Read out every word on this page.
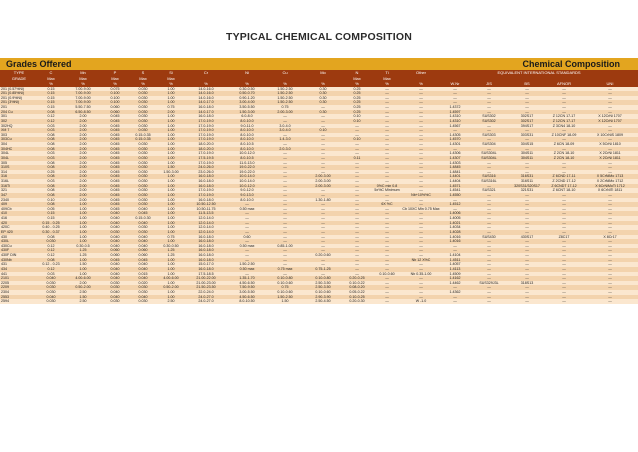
TYPICAL CHEMICAL COMPOSITION
Grades Offered	Chemical Composition
TYPE	C	Mn	P	S	Si	Cr	Ni	Cu	Mo	N	Ti	Other	EQUIVALENT INTERNATIONAL STANDARDS				
GRADE	Max	Max	Max	Max	Max					Max	Max						
	%	%	%	%	%	%	%	%	%	%	%	%	W.Nr	JIS	BS	AFNOR	UNI
201 (0.57%Ni)	0.15	7.00-9.00	0.075	0.030	1.00	14.0-16.0	0.30-0.50	1.50-2.50	0.30	0.25	—	—	—	—	—	—	—
201 (0.85%Ni)	0.15	7.00-9.00	0.100	0.030	1.00	14.0-16.0	0.50-0.70	1.50-2.50	0.30	0.25	—	—	—	—	—	—	—
201 (0.9%Ni)	0.15	7.00-9.00	0.100	0.030	1.00	14.0-16.0	0.90-1.20	1.50-2.50	0.30	0.25	—	—	—	—	—	—	—
201 (3%Ni)	0.15	7.00-9.00	0.100	0.030	1.00	14.0-17.0	3.00-4.00	1.50-2.50	0.30	0.25	—	—	—	—	—	—	—
201	0.15	5.50-7.50	0.060	0.030	0.75	16.0-18.0	3.50-5.50	0.75	—	0.25	—	—	1.4372	—	—	—	—
204 Cu	0.08	6.50-8.50	0.060	0.030	2.00	14.0-17.0	1.50-3.00	2.00-3.00	0.30	0.25	—	—	1.4597	—	—	—	—
301	0.12	2.00	0.045	0.030	1.00	16.0-18.0	6.0-8.0	—	—	0.10	—	—	1.4310	SUS302	302S17	Z 12CN 17-17	X 12CrNi 1707
302	0.12	2.00	0.045	0.030	1.00	17.0-19.0	8.0-10.0	—	—	0.10	—	—	1.4310	SUS302	302S17	Z 12CN 17-17	X 12CrNi 1707
302HQ	0.03	2.00	0.045	0.030	1.00	17.0-19.0	9.0-11.0	3.0-4.0	—	—	—	—	1.4567	—	394S17	Z 3CN4 18-10	—
XM 7	0.03	2.00	0.045	0.030	1.00	17.0-19.0	8.0-10.0	3.0-4.0	0.10	—	—	—	—	—	—	—	—
303	0.08	2.00	0.045	0.15-0.35	1.00	17.0-19.0	8.0-10.0	—	—	—	—	—	1.4305	SUS303	303S31	Z 10CNF 18-09	X 10CrNiS 1809
303Cu	0.08	2.00	0.045	0.15-0.35	1.00	17.0-19.0	8.0-10.0	1.4-3.0	—	0.10	—	—	1.4570	—	—	—	—
304	0.08	2.00	0.045	0.030	1.00	18.0-20.0	8.0-10.5	—	—	—	—	—	1.4301	SUS304	304S15	Z 6CN 18-09	X 5CrNi 1810
304HC	0.08	2.00	0.045	0.030	1.00	18.0-20.0	8.0-10.0	2.0-3.0	—	—	—	—	—	—	—	—	—
304L	0.03	2.00	0.045	0.030	1.00	17.0-19.0	10.0-12.0	—	—	—	—	—	1.4306	SUS304L	304S11	Z 2CN 18-10	X 2CrNi 1811
304L	0.03	2.00	0.045	0.030	1.00	17.5-19.5	8.0-10.5	—	—	0.11	—	—	1.4307	SUS304L	304S11	Z 2CN 18-10	X 2CrNi 1811
305	0.08	2.00	0.045	0.030	1.00	17.0-19.0	11.0-13.0	—	—	—	—	—	1.4303	—	—	—	—
310S	0.08	2.00	0.045	0.030	1.50	24.0-26.0	19.0-22.0	—	—	—	—	—	1.4845	—	—	—	—
314	0.25	2.00	0.045	0.030	1.50-3.00	23.0-26.0	19.0-22.0	—	—	—	—	—	1.4841	—	—	—	—
316	0.08	2.00	0.045	0.030	1.00	16.0-18.0	10.0-14.0	—	2.00-3.00	—	—	—	1.4401	SUS316	316S31	Z 6CND 17-11	X 5CrNiMo 1713
316L	0.03	2.00	0.045	0.030	1.00	16.0-18.0	10.0-14.0	—	2.00-3.00	—	—	—	1.4404	SUS316L	316S11	Z 2CND 17-12	X 2CrNiMo 1712
316Ti	0.08	2.00	0.045	0.030	1.00	16.0-18.0	10.0-12.0	—	2.00-3.00	—	0%C min 0.8	—	1.4571	—	320S31/320S17	Z 6CNDT 17-12	X 6CrNiMoTi 1712
321	0.08	2.00	0.045	0.030	1.00	17.0-19.0	9.0-12.0	—	—	—	5x%C Minimum	—	1.4541	SUS321	321S31	Z 6CNT 18-10	X 6CrNiTi 1811
347	0.08	2.00	0.045	0.030	1.00	17.0-19.0	9.0-13.0	—	—	—	—	Nb+10%%C	1.4550	—	—	—	—
2340	0.10	2.00	0.045	0.030	1.00	16.0-18.0	8.0-10.0	—	1.30-1.80	—	—	—	—	—	—	—	—
409	0.08	1.00	0.045	0.030	1.00	10.50-12.50	—	—	—	—	6X %C	—	1.4512	—	—	—	—
409Cb	0.05	1.00	0.045	0.040	1.00	10.50-11.75	0.50 max	—	—	—	—	Cb 10XC Min 0.75 Max	—	—	—	—	—
410	0.15	1.00	0.040	0.045	1.00	11.5-13.5	—	—	—	—	—	—	1.4006	—	—	—	—
416	0.15	1.00	0.040	0.15-0.30	1.00	12.0-14.0	—	—	—	—	—	—	1.4005	—	—	—	—
420	0.15 - 0.25	1.00	0.040	0.040	1.00	12.0-14.0	—	—	—	—	—	—	1.4021	—	—	—	—
420C	0.40 - 0.25	1.00	0.040	0.030	1.00	12.0-14.0	—	—	—	—	—	—	1.4034	—	—	—	—
EP 420	0.30 - 0.37	1.00	0.030	0.030	1.00	12.0-14.0	—	—	—	—	—	—	1.4028	—	—	—	—
430	0.08	1.00	0.040	0.040	0.75	16.0-18.0	0.60	—	—	—	—	—	1.4016	SUS430	430S17	Z8C17	X 8Cr17
430L	0.030	1.00	0.040	0.040	1.00	16.0-18.0	—	—	—	—	—	—	1.4016	—	—	—	—
430Cu	0.12	0.30-0.5	0.040	0.040	0.30-0.50	16.0-18.0	0.50 max	0.85-1.00	—	—	—	—	—	—	—	—	—
430F	0.12	1.25	0.060	0.060	1.25	16.0-18.0	—	—	—	—	—	—	—	—	—	—	—
430F DIN	0.12	1.25	0.060	0.060	1.25	16.0-18.0	—	—	0.20-0.60	—	—	—	1.4104	—	—	—	—
430Nb	0.08	1.00	0.045	0.045	1.00	16.0-18.0	—	—	—	—	—	Nb 12 X%C	1.4511	—	—	—	—
431	0.12 - 0.23	1.50	0.040	0.040	1.00	15.0-17.0	1.50-2.50	—	—	—	—	—	1.4057	—	—	—	—
434	0.12	1.00	0.040	0.040	1.00	16.0-18.0	0.50 max	0.75 max	0.75-1.25	—	—	—	1.4113	—	—	—	—
441	0.03	1.00	0.040	0.015	1.00	17.5-18.5	—	—	—	—	0.10-0.60	Nb 0.35-1.00	1.4509	—	—	—	—
2101	0.040	4.00-6.00	0.040	0.040	4.00-6.00	21.00-22.00	1.35-1.70	0.10-0.80	0.10-0.80	0.20-0.25	—	—	1.4162	—	—	—	—
2205	0.030	2.00	0.030	0.020	1.00	21.00-23.00	4.50-6.50	0.10-0.60	2.50-3.50	0.10-0.22	—	—	1.4462	SUS329J3L	318S13	—	—
2209	0.030	0.50-2.00	0.030	0.030	0.50-2.00	21.50-23.50	7.50-9.50	0.75	2.50-3.50	0.08-0.20	—	—	—	—	—	—	—
2304	0.030	2.50	0.040	0.030	1.00	22.0-24.0	3.00-5.50	0.10-0.60	0.10-0.60	0.05-0.22	—	—	1.4362	—	—	—	—
2553	0.040	1.50	0.040	0.040	1.00	24.0-27.0	4.50-6.50	1.50-2.50	2.90-3.90	0.10-0.25	—	—	—	—	—	—	—
2594	0.030	2.50	0.030	0.030	2.50	24.0-27.0	8.0-10.50	1.50	2.50-4.50	0.20-0.30	—	W -1.0	—	—	—	—	—
